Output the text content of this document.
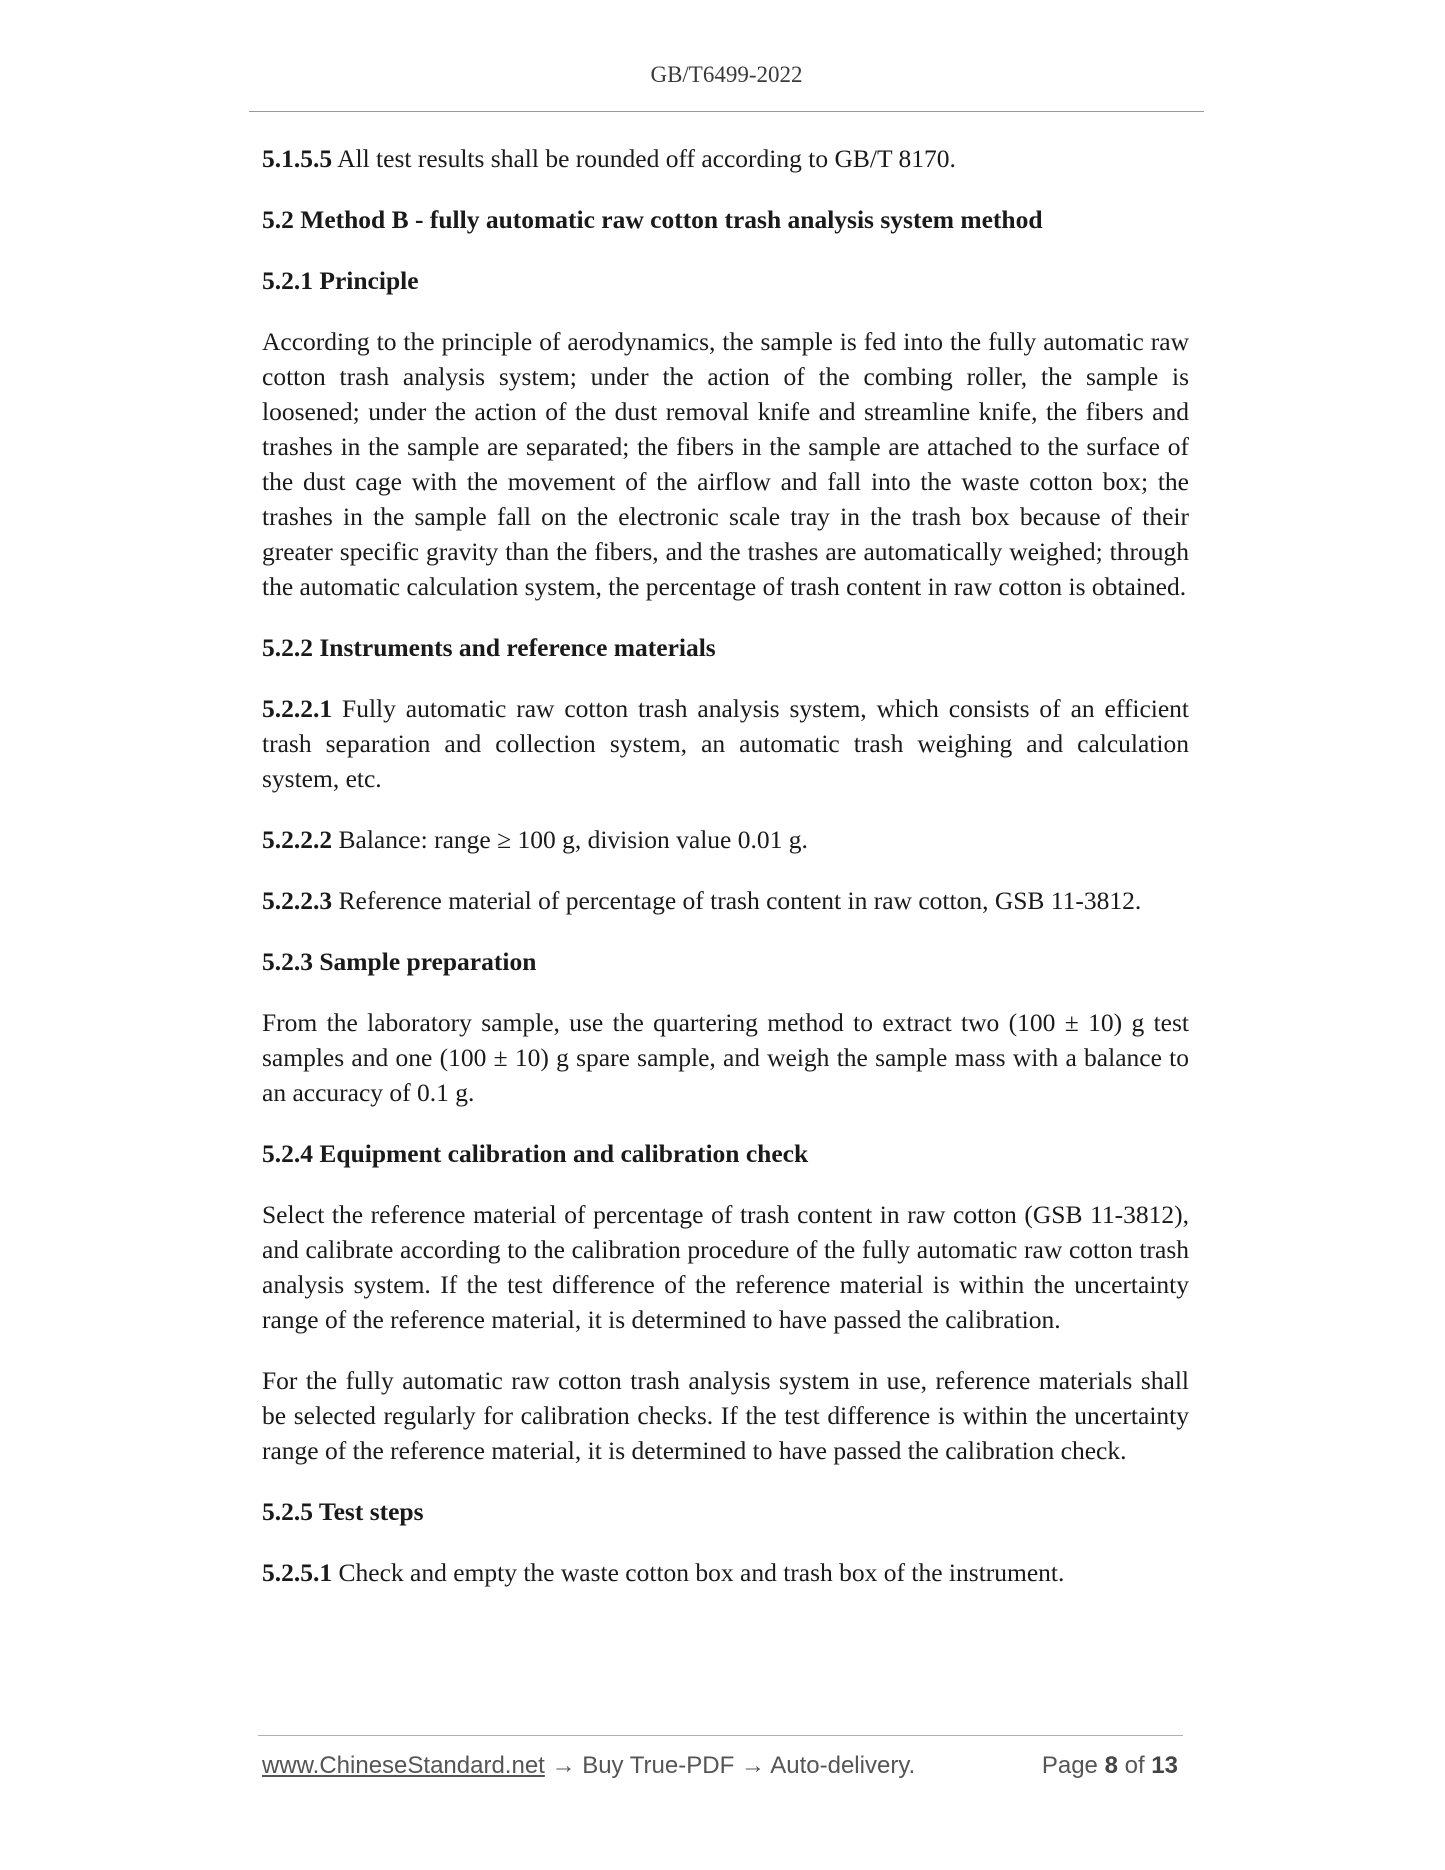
GB/T6499-2022

5.1.5.5 All test results shall be rounded off according to GB/T 8170.

5.2 Method B - fully automatic raw cotton trash analysis system method
5.2.1 Principle

According to the principle of aerodynamics, the sample is fed into the fully automatic raw cotton trash analysis system; under the action of the combing roller, the sample is loosened; under the action of the dust removal knife and streamline knife, the fibers and trashes in the sample are separated; the fibers in the sample are attached to the surface of the dust cage with the movement of the airflow and fall into the waste cotton box; the trashes in the sample fall on the electronic scale tray in the trash box because of their greater specific gravity than the fibers, and the trashes are automatically weighed; through the automatic calculation system, the percentage of trash content in raw cotton is obtained.

5.2.2 Instruments and reference materials

5.2.2.1 Fully automatic raw cotton trash analysis system, which consists of an efficient trash separation and collection system, an automatic trash weighing and calculation system, etc.

5.2.2.2 Balance: range ≥ 100 g, division value 0.01 g.

5.2.2.3 Reference material of percentage of trash content in raw cotton, GSB 11-3812.

5.2.3 Sample preparation

From the laboratory sample, use the quartering method to extract two (100 ± 10) g test samples and one (100 ± 10) g spare sample, and weigh the sample mass with a balance to an accuracy of 0.1 g.

5.2.4 Equipment calibration and calibration check

Select the reference material of percentage of trash content in raw cotton (GSB 11-3812), and calibrate according to the calibration procedure of the fully automatic raw cotton trash analysis system. If the test difference of the reference material is within the uncertainty range of the reference material, it is determined to have passed the calibration.

For the fully automatic raw cotton trash analysis system in use, reference materials shall be selected regularly for calibration checks. If the test difference is within the uncertainty range of the reference material, it is determined to have passed the calibration check.

5.2.5 Test steps

5.2.5.1 Check and empty the waste cotton box and trash box of the instrument.

www.ChineseStandard.net → Buy True-PDF → Auto-delivery.	Page 8 of 13
